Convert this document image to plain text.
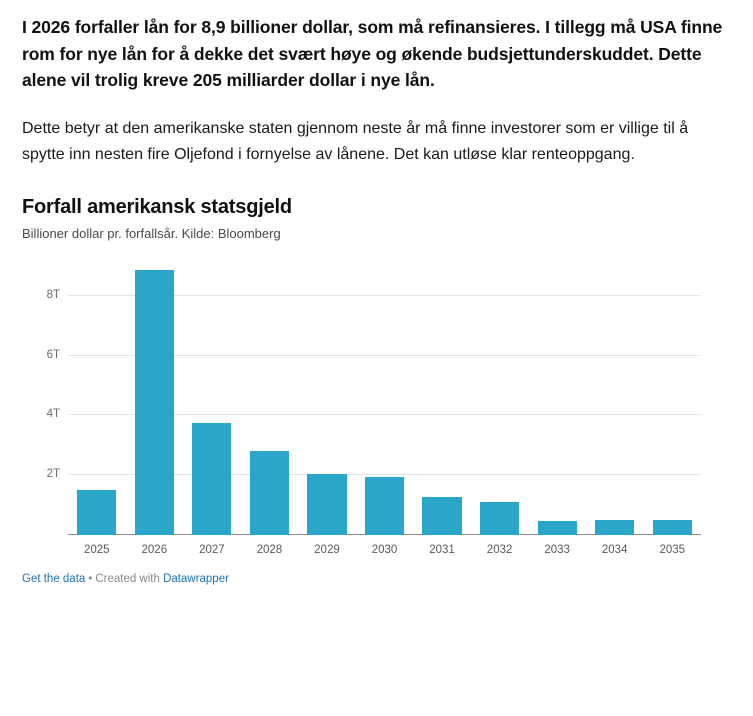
I 2026 forfaller lån for 8,9 billioner dollar, som må refinansieres. I tillegg må USA finne rom for nye lån for å dekke det svært høye og økende budsjettunderskuddet. Dette alene vil trolig kreve 205 milliarder dollar i nye lån.

Dette betyr at den amerikanske staten gjennom neste år må finne investorer som er villige til å spytte inn nesten fire Oljefond i fornyelse av lånene. Det kan utløse klar renteoppgang.

Forfall amerikansk statsgjeld
Billioner dollar pr. forfallsår. Kilde: Bloomberg
2T
4T
6T
8T
2025	2026	2027	2028	2029	2030	2031	2032	2033	2034	2035
Get the data • Created with Datawrapper
